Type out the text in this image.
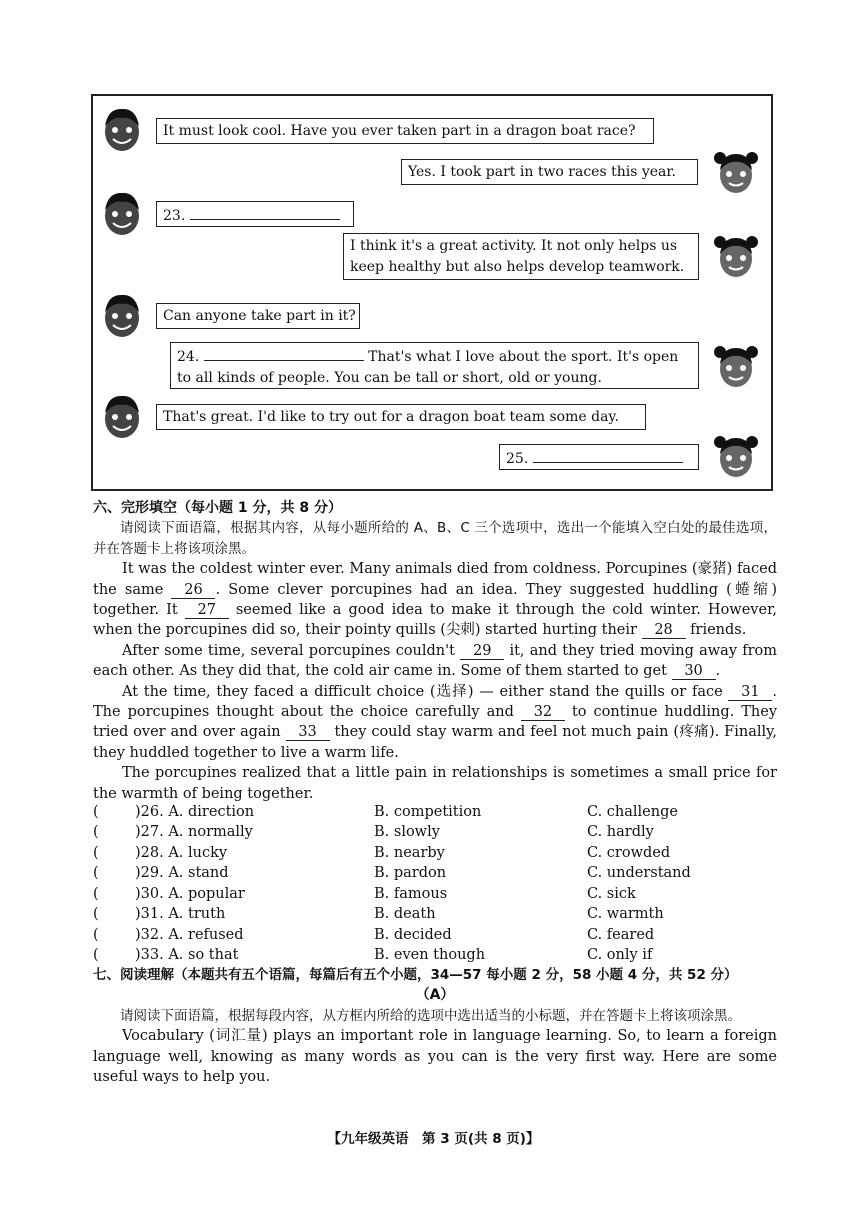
It must look cool. Have you ever taken part in a dragon boat race?
Yes. I took part in two races this year.
23.
I think it's a great activity. It not only helps us
keep healthy but also helps develop teamwork.
Can anyone take part in it?
24.	That's what I love about the sport. It's open
to all kinds of people. You can be tall or short, old or young.
That's great. I'd like to try out for a dragon boat team some day.
25.

六、完形填空（每小题 1 分，共 8 分）

请阅读下面语篇，根据其内容，从每小题所给的 A、B、C 三个选项中，选出一个能填入空白处的最佳选项，并在答题卡上将该项涂黑。

It was the coldest winter ever. Many animals died from coldness. Porcupines (豪猪) faced the same 26 . Some clever porcupines had an idea. They suggested huddling (蜷缩) together. It 27 seemed like a good idea to make it through the cold winter. However, when the porcupines did so, their pointy quills (尖刺) started hurting their 28 friends.

After some time, several porcupines couldn't 29 it, and they tried moving away from each other. As they did that, the cold air came in. Some of them started to get 30 .

At the time, they faced a difficult choice (选择) — either stand the quills or face 31 . The porcupines thought about the choice carefully and 32 to continue huddling. They tried over and over again 33 they could stay warm and feel not much pain (疼痛). Finally, they huddled together to live a warm life.

The porcupines realized that a little pain in relationships is sometimes a small price for the warmth of being together.

(	)26. A. direction	B. competition	C. challenge
(	)27. A. normally	B. slowly	C. hardly
(	)28. A. lucky	B. nearby	C. crowded
(	)29. A. stand	B. pardon	C. understand
(	)30. A. popular	B. famous	C. sick
(	)31. A. truth	B. death	C. warmth
(	)32. A. refused	B. decided	C. feared
(	)33. A. so that	B. even though	C. only if

七、阅读理解（本题共有五个语篇，每篇后有五个小题，34—57 每小题 2 分，58 小题 4 分，共 52 分）

（A）

请阅读下面语篇，根据每段内容，从方框内所给的选项中选出适当的小标题，并在答题卡上将该项涂黑。

Vocabulary (词汇量) plays an important role in language learning. So, to learn a foreign language well, knowing as many words as you can is the very first way. Here are some useful ways to help you.

【九年级英语　第 3 页(共 8 页)】
